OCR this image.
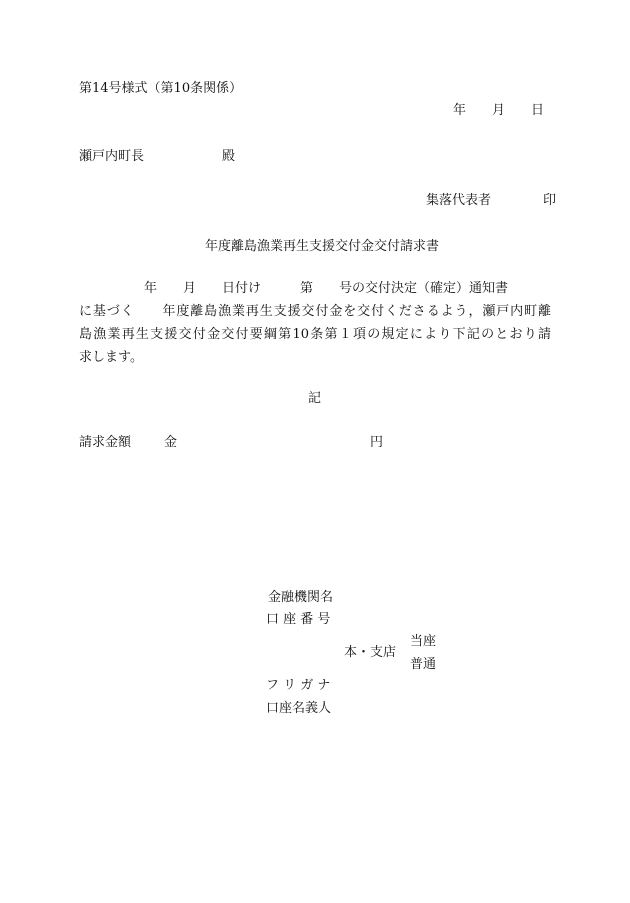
第14号様式（第10条関係）
年　　月　　日
瀬戸内町長　　　　　　殿
集落代表者　　　　印
年度離島漁業再生支援交付金交付請求書
　　　　　年　　月　　日付け　　　第　　号の交付決定（確定）通知書
に基づく　　年度離島漁業再生支援交付金を交付くださるよう，瀬戸内町離
島漁業再生支援交付金交付要綱第10条第１項の規定により下記のとおり請
求します。
記
請求金額	金	円
金融機関名
口 座 番 号
本・支店
当座
普通
フ リ ガ ナ
口座名義人
